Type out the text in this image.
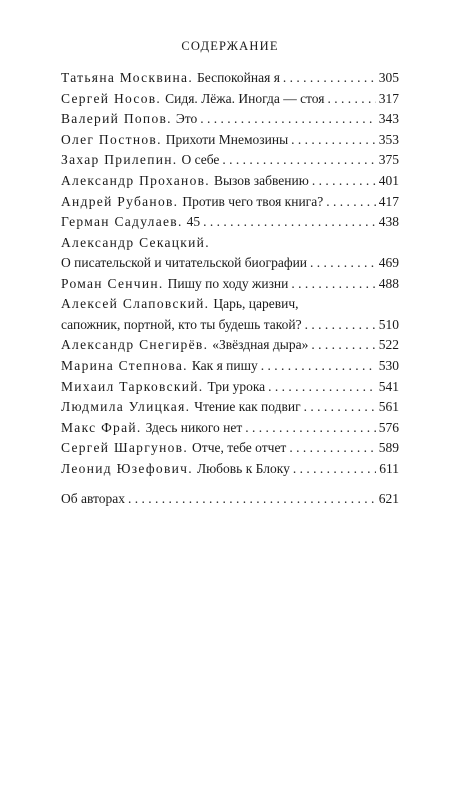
СОДЕРЖАНИЕ
Татьяна Москвина. Беспокойная я . . .	305
Сергей Носов. Сидя. Лёжа. Иногда — стоя . . .	317
Валерий Попов. Это . . .	343
Олег Постнов. Прихоти Мнемозины . . .	353
Захар Прилепин. О себе . . .	375
Александр Проханов. Вызов забвению . . .	401
Андрей Рубанов. Против чего твоя книга? . . .	417
Герман Садулаев. 45 . . .	438
Александр Секацкий.
О писательской и читательской биографии . . .	469
Роман Сенчин. Пишу по ходу жизни . . .	488
Алексей Слаповский. Царь, царевич,
сапожник, портной, кто ты будешь такой? . . .	510
Александр Снегирёв. «Звёздная дыра» . . .	522
Марина Степнова. Как я пишу . . .	530
Михаил Тарковский. Три урока . . .	541
Людмила Улицкая. Чтение как подвиг . . .	561
Макс Фрай. Здесь никого нет . . .	576
Сергей Шаргунов. Отче, тебе отчет . . .	589
Леонид Юзефович. Любовь к Блоку . . .	611
Об авторах . . .	621
